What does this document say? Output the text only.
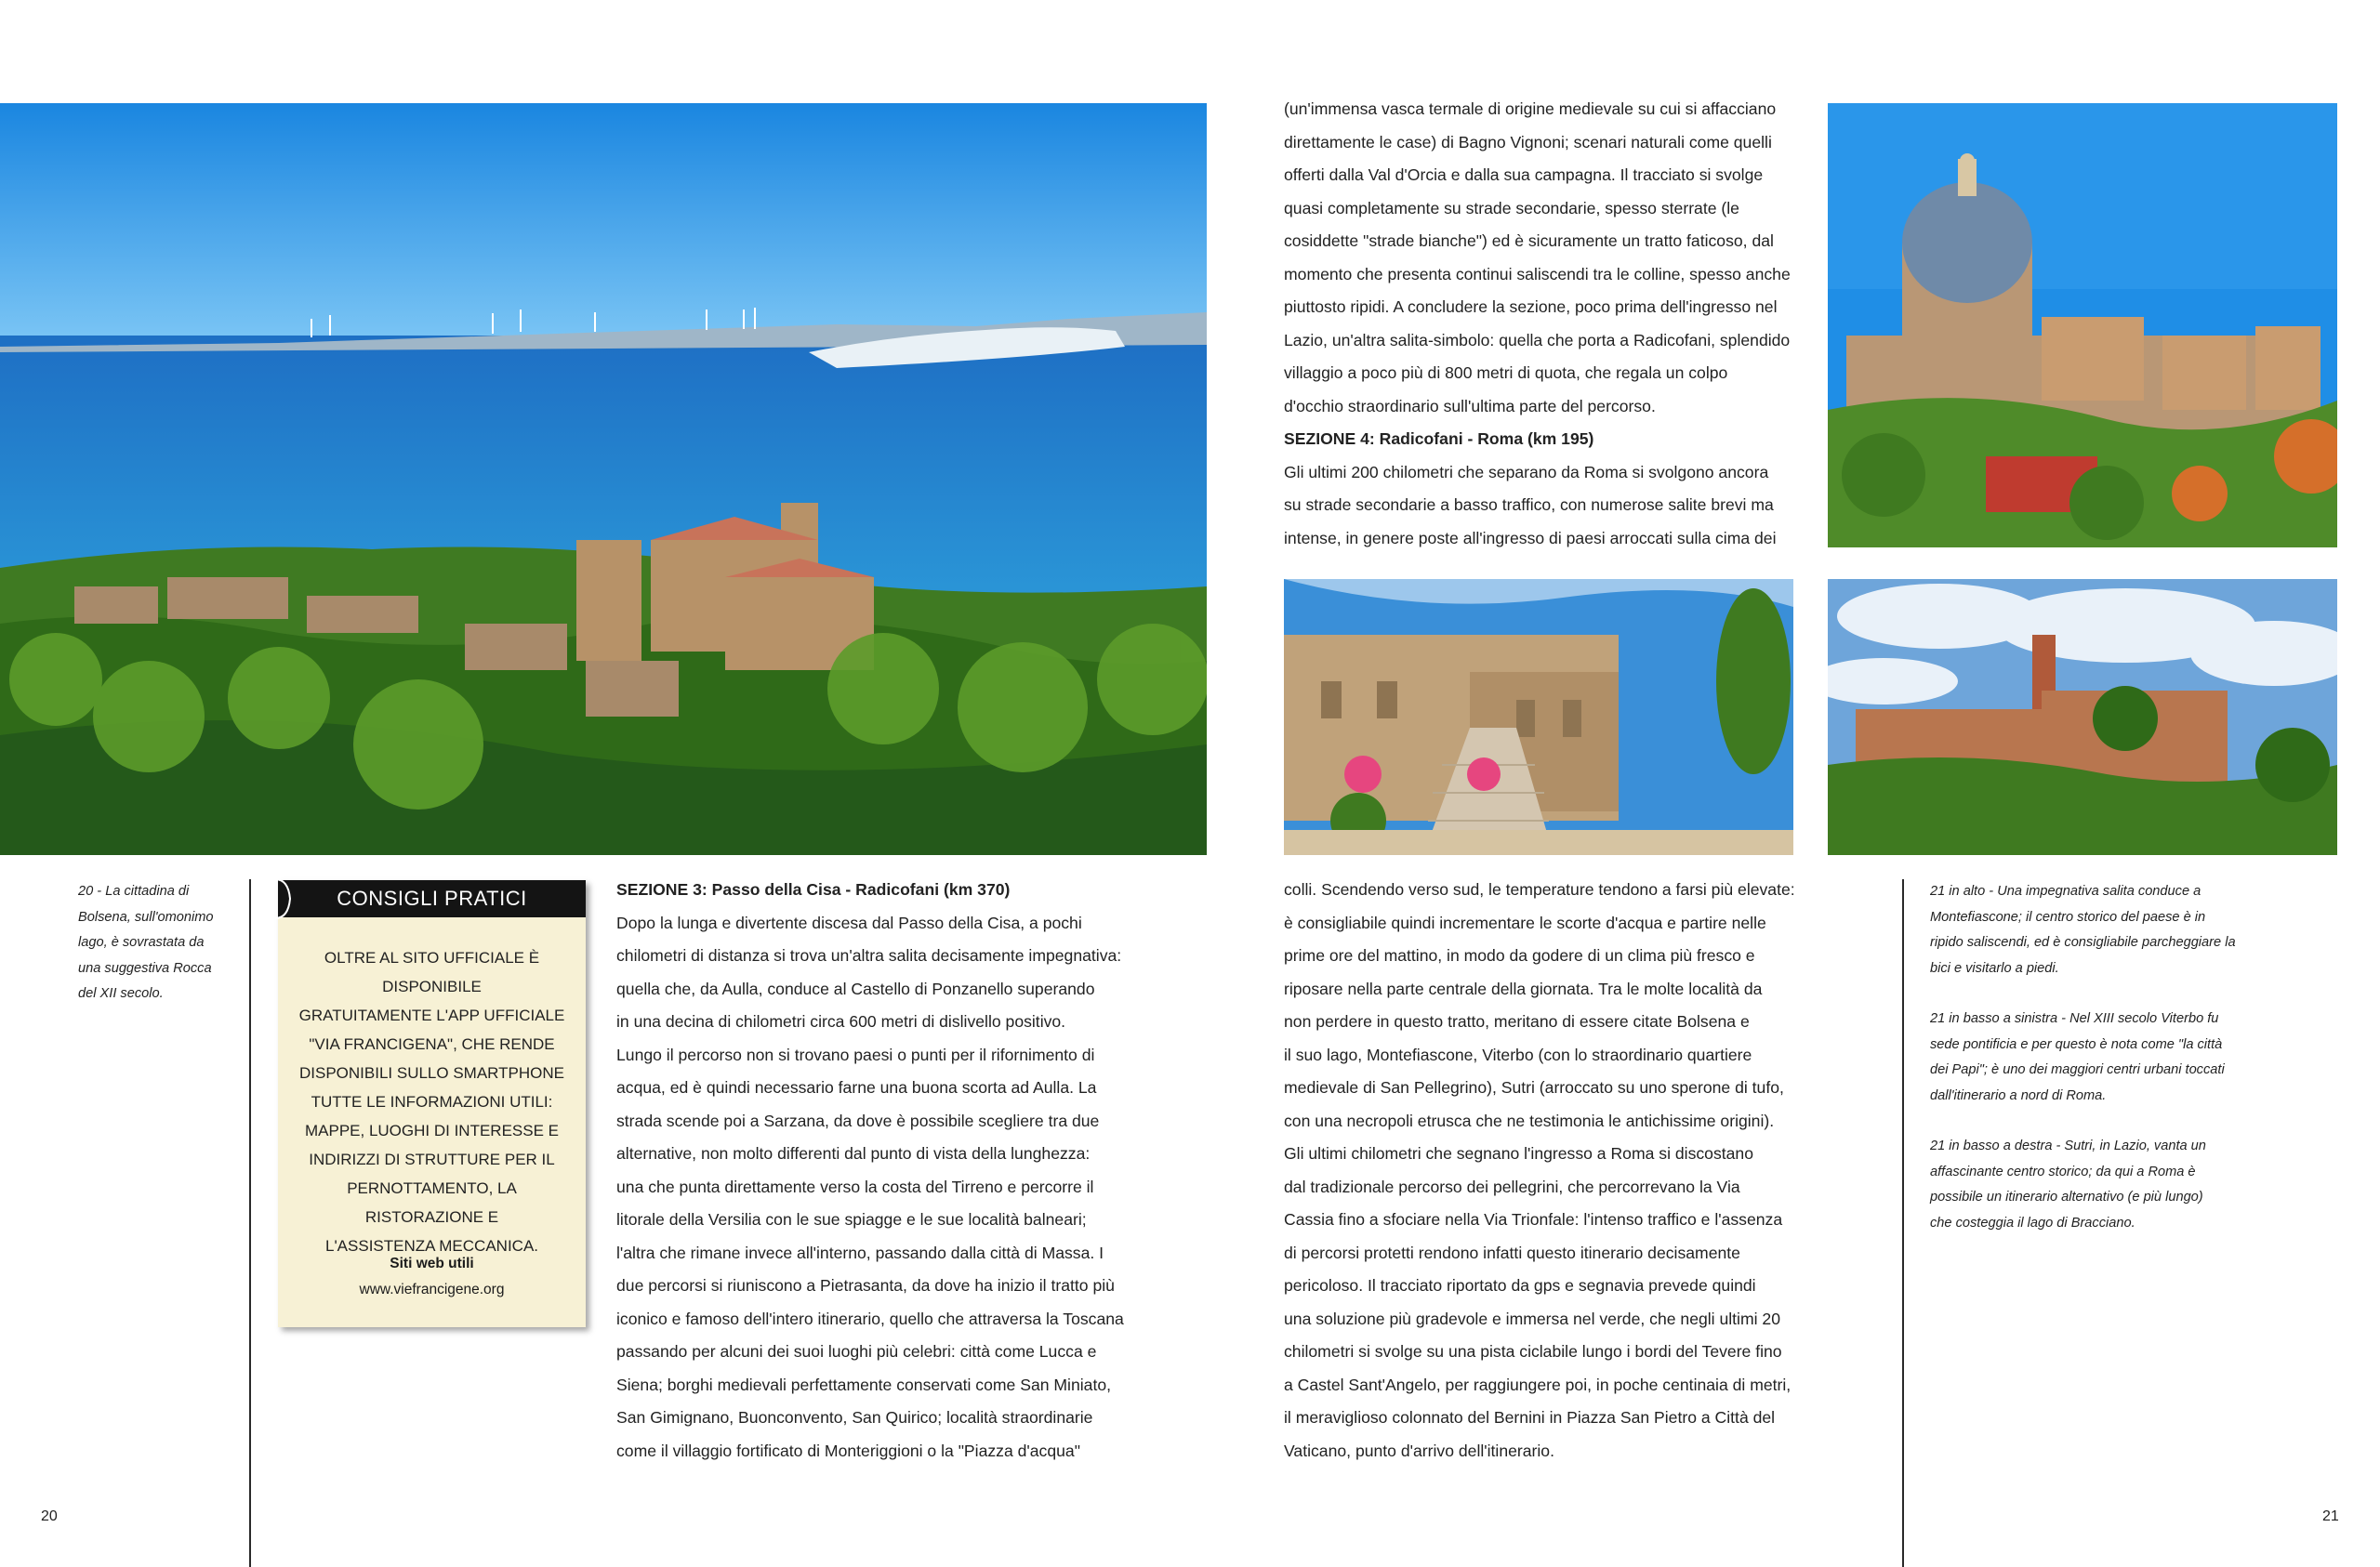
20 - La cittadina di
Bolsena, sull'omonimo
lago, è sovrastata da
una suggestiva Rocca
del XII secolo.
OLTRE AL SITO UFFICIALE È DISPONIBILE
GRATUITAMENTE L'APP UFFICIALE
"VIA FRANCIGENA", CHE RENDE
DISPONIBILI SULLO SMARTPHONE
TUTTE LE INFORMAZIONI UTILI:
MAPPE, LUOGHI DI INTERESSE E
INDIRIZZI DI STRUTTURE PER IL
PERNOTTAMENTO, LA RISTORAZIONE E
L'ASSISTENZA MECCANICA.
Siti web utili
www.viefrancigene.org
CONSIGLI PRATICI	SEZIONE 3: Passo della Cisa - Radicofani (km 370)

Dopo la lunga e divertente discesa dal Passo della Cisa, a pochi

chilometri di distanza si trova un'altra salita decisamente impegnativa:

quella che, da Aulla, conduce al Castello di Ponzanello superando

in una decina di chilometri circa 600 metri di dislivello positivo.

Lungo il percorso non si trovano paesi o punti per il rifornimento di

acqua, ed è quindi necessario farne una buona scorta ad Aulla. La

strada scende poi a Sarzana, da dove è possibile scegliere tra due

alternative, non molto differenti dal punto di vista della lunghezza:

una che punta direttamente verso la costa del Tirreno e percorre il

litorale della Versilia con le sue spiagge e le sue località balneari;

l'altra che rimane invece all'interno, passando dalla città di Massa. I

due percorsi si riuniscono a Pietrasanta, da dove ha inizio il tratto più

iconico e famoso dell'intero itinerario, quello che attraversa la Toscana

passando per alcuni dei suoi luoghi più celebri: città come Lucca e

Siena; borghi medievali perfettamente conservati come San Miniato,

San Gimignano, Buonconvento, San Quirico; località straordinarie

come il villaggio fortificato di Monteriggioni o la "Piazza d'acqua"

20

(un'immensa vasca termale di origine medievale su cui si affacciano

direttamente le case) di Bagno Vignoni; scenari naturali come quelli

offerti dalla Val d'Orcia e dalla sua campagna. Il tracciato si svolge

quasi completamente su strade secondarie, spesso sterrate (le

cosiddette "strade bianche") ed è sicuramente un tratto faticoso, dal

momento che presenta continui saliscendi tra le colline, spesso anche

piuttosto ripidi. A concludere la sezione, poco prima dell'ingresso nel

Lazio, un'altra salita-simbolo: quella che porta a Radicofani, splendido

villaggio a poco più di 800 metri di quota, che regala un colpo

d'occhio straordinario sull'ultima parte del percorso.

SEZIONE 4: Radicofani - Roma (km 195)

Gli ultimi 200 chilometri che separano da Roma si svolgono ancora

su strade secondarie a basso traffico, con numerose salite brevi ma

intense, in genere poste all'ingresso di paesi arroccati sulla cima dei

colli. Scendendo verso sud, le temperature tendono a farsi più elevate:

è consigliabile quindi incrementare le scorte d'acqua e partire nelle

prime ore del mattino, in modo da godere di un clima più fresco e

riposare nella parte centrale della giornata. Tra le molte località da

non perdere in questo tratto, meritano di essere citate Bolsena e

il suo lago, Montefiascone, Viterbo (con lo straordinario quartiere

medievale di San Pellegrino), Sutri (arroccato su uno sperone di tufo,

con una necropoli etrusca che ne testimonia le antichissime origini).

Gli ultimi chilometri che segnano l'ingresso a Roma si discostano

dal tradizionale percorso dei pellegrini, che percorrevano la Via

Cassia fino a sfociare nella Via Trionfale: l'intenso traffico e l'assenza

di percorsi protetti rendono infatti questo itinerario decisamente

pericoloso. Il tracciato riportato da gps e segnavia prevede quindi

una soluzione più gradevole e immersa nel verde, che negli ultimi 20

chilometri si svolge su una pista ciclabile lungo i bordi del Tevere fino

a Castel Sant'Angelo, per raggiungere poi, in poche centinaia di metri,

il meraviglioso colonnato del Bernini in Piazza San Pietro a Città del

Vaticano, punto d'arrivo dell'itinerario.

21 in alto - Una impegnativa salita conduce a
Montefiascone; il centro storico del paese è in
ripido saliscendi, ed è consigliabile parcheggiare la
bici e visitarlo a piedi.

21 in basso a sinistra - Nel XIII secolo Viterbo fu
sede pontificia e per questo è nota come "la città
dei Papi"; è uno dei maggiori centri urbani toccati
dall'itinerario a nord di Roma.

21 in basso a destra - Sutri, in Lazio, vanta un
affascinante centro storico; da qui a Roma è
possibile un itinerario alternativo (e più lungo)
che costeggia il lago di Bracciano.

21
